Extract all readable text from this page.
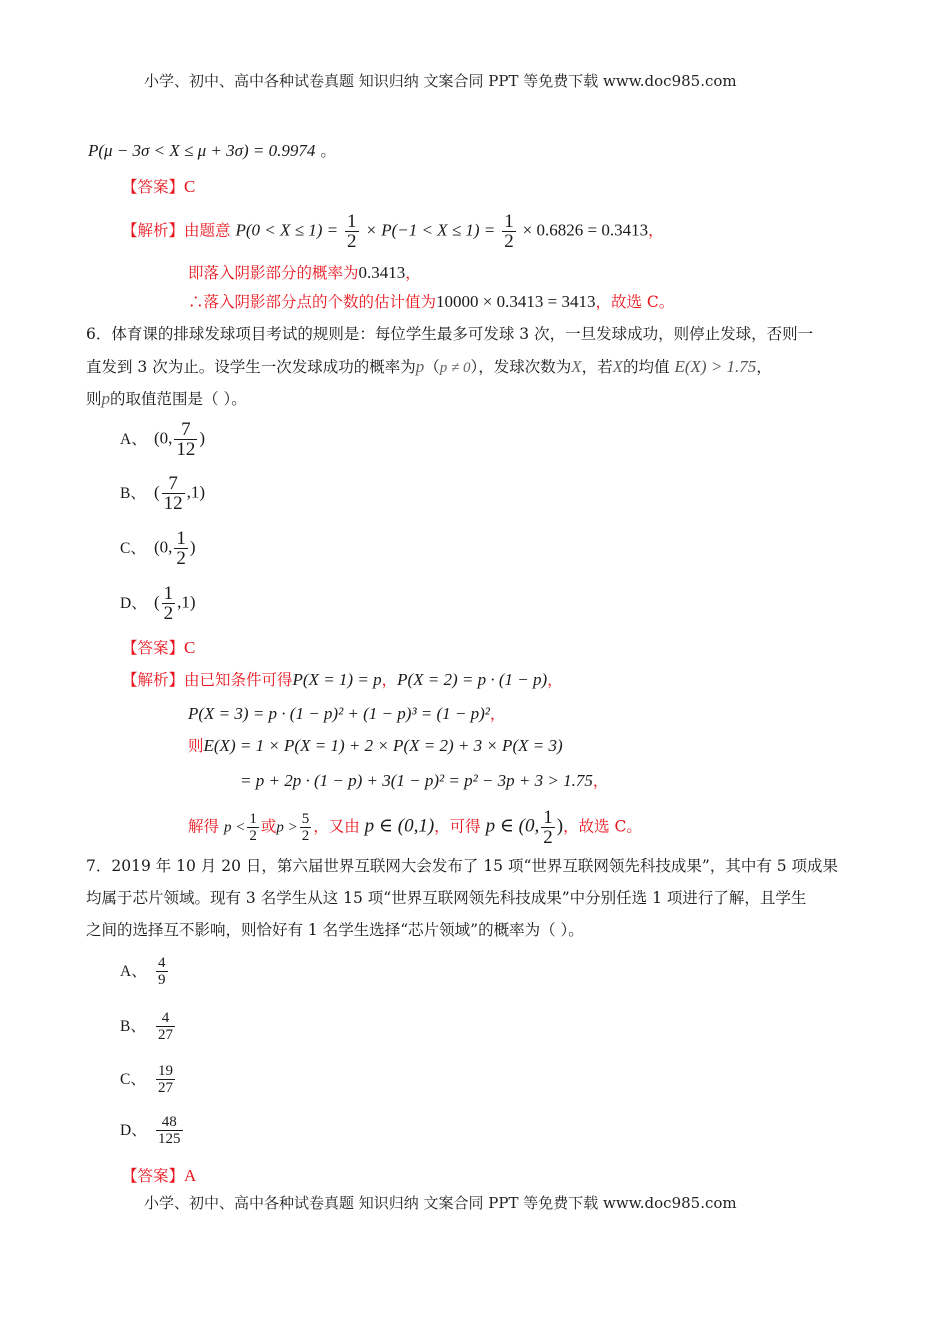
小学、初中、高中各种试卷真题 知识归纳 文案合同 PPT 等免费下载 www.doc985.com
P(μ − 3σ < X ≤ μ + 3σ) = 0.9974 。
【答案】C
【解析】由题意 $P(0 < X \le 1) = \frac{1}{2} \times P(-1 < X \le 1) = \frac{1}{2} \times 0.6826 = 0.3413$，
即落入阴影部分的概率为0.3413，
∴落入阴影部分点的个数的估计值为10000 × 0.3413 = 3413，故选 C。
6．体育课的排球发球项目考试的规则是：每位学生最多可发球 3 次，一旦发球成功，则停止发球，否则一
直发到 3 次为止。设学生一次发球成功的概率为p（p ≠ 0），发球次数为X，若X的均值 E(X) > 1.75，
则p的取值范围是（ ）。
A、 (0, $\frac{7}{12}$ )
B、 ( $\frac{7}{12} ,1$)
C、 (0, $\frac{1}{2}$ )
D、 ( $\frac{1}{2} ,1$)
【答案】C
【解析】由已知条件可得P(X = 1) = p，P(X = 2) = p · (1 − p)，
P(X = 3) = p · (1 − p)² + (1 − p)³ = (1 − p)²，
则E(X) = 1 × P(X = 1) + 2 × P(X = 2) + 3 × P(X = 3)
= p + 2p · (1 − p) + 3(1 − p)² = p² − 3p + 3 > 1.75，
解得 $p < \frac{1}{2}$ 或$p > \frac{5}{2}$ ，又由 p ∈ (0,1)，可得 p ∈ (0, $\frac{1}{2}$ )，故选 C。
7．2019 年 10 月 20 日，第六届世界互联网大会发布了 15 项“世界互联网领先科技成果”，其中有 5 项成果
均属于芯片领域。现有 3 名学生从这 15 项“世界互联网领先科技成果”中分别任选 1 项进行了解，且学生
之间的选择互不影响，则恰好有 1 名学生选择“芯片领域”的概率为（ ）。
A、 $\frac{4}{9}$
B、 $\frac{4}{27}$
C、 $\frac{19}{27}$
D、 $\frac{48}{125}$
【答案】A
小学、初中、高中各种试卷真题 知识归纳 文案合同 PPT 等免费下载 www.doc985.com
